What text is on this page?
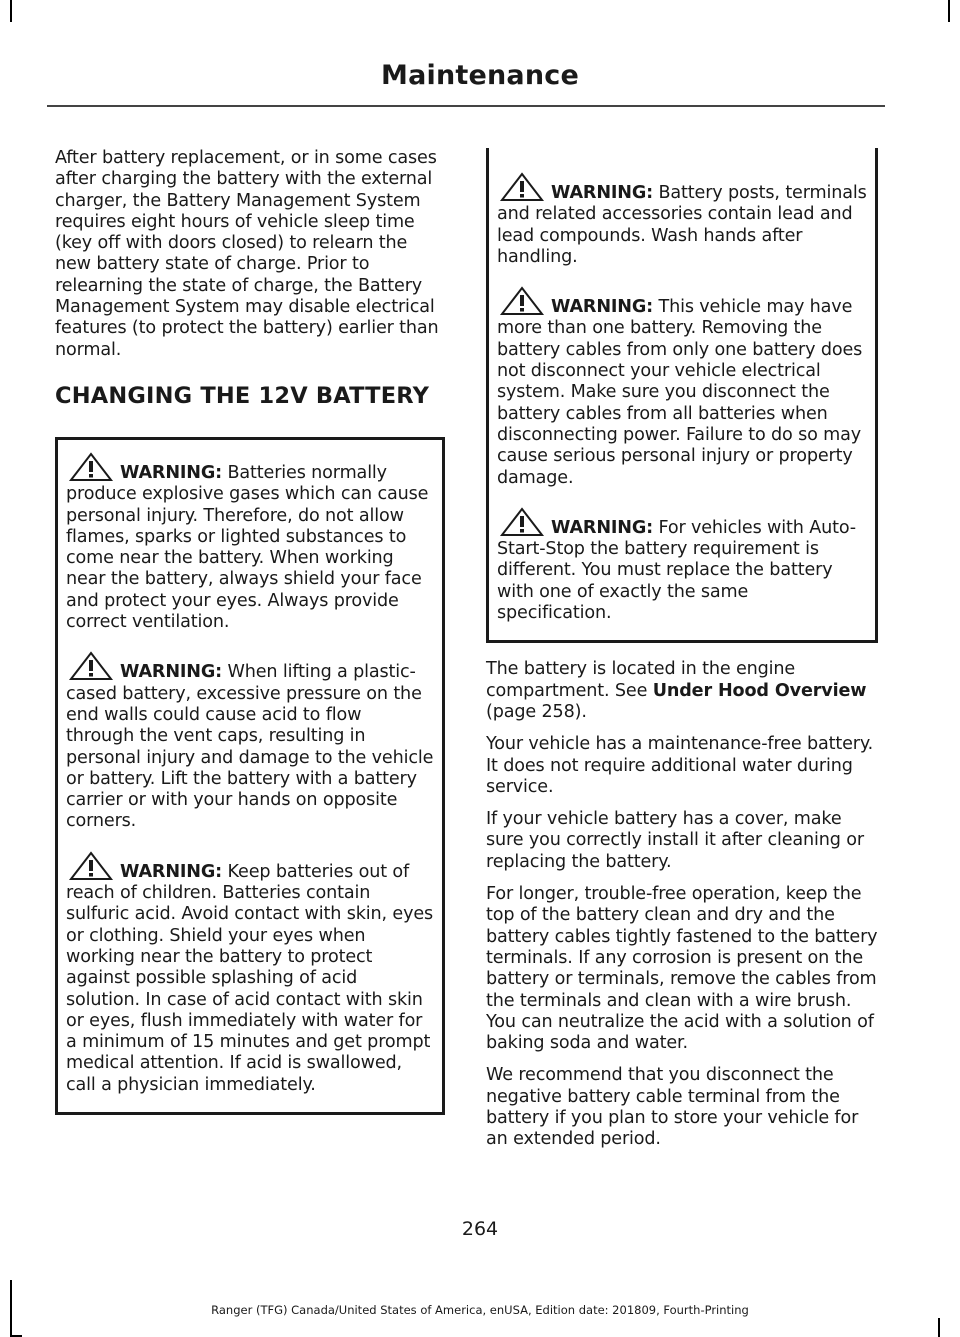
Maintenance

After battery replacement, or in some cases after charging the battery with the external charger, the Battery Management System requires eight hours of vehicle sleep time (key off with doors closed) to relearn the new battery state of charge. Prior to relearning the state of charge, the Battery Management System may disable electrical features (to protect the battery) earlier than normal.

CHANGING THE 12V BATTERY

WARNING: Batteries normally produce explosive gases which can cause personal injury. Therefore, do not allow flames, sparks or lighted substances to come near the battery. When working near the battery, always shield your face and protect your eyes. Always provide correct ventilation.

WARNING: When lifting a plastic-cased battery, excessive pressure on the end walls could cause acid to flow through the vent caps, resulting in personal injury and damage to the vehicle or battery. Lift the battery with a battery carrier or with your hands on opposite corners.

WARNING: Keep batteries out of reach of children. Batteries contain sulfuric acid. Avoid contact with skin, eyes or clothing. Shield your eyes when working near the battery to protect against possible splashing of acid solution. In case of acid contact with skin or eyes, flush immediately with water for a minimum of 15 minutes and get prompt medical attention. If acid is swallowed, call a physician immediately.

WARNING: Battery posts, terminals and related accessories contain lead and lead compounds. Wash hands after handling.

WARNING: This vehicle may have more than one battery. Removing the battery cables from only one battery does not disconnect your vehicle electrical system. Make sure you disconnect the battery cables from all batteries when disconnecting power. Failure to do so may cause serious personal injury or property damage.

WARNING: For vehicles with Auto-Start-Stop the battery requirement is different. You must replace the battery with one of exactly the same specification.

The battery is located in the engine compartment. See Under Hood Overview (page 258).

Your vehicle has a maintenance-free battery. It does not require additional water during service.

If your vehicle battery has a cover, make sure you correctly install it after cleaning or replacing the battery.

For longer, trouble-free operation, keep the top of the battery clean and dry and the battery cables tightly fastened to the battery terminals. If any corrosion is present on the battery or terminals, remove the cables from the terminals and clean with a wire brush. You can neutralize the acid with a solution of baking soda and water.

We recommend that you disconnect the negative battery cable terminal from the battery if you plan to store your vehicle for an extended period.

264
Ranger (TFG) Canada/United States of America, enUSA, Edition date: 201809, Fourth-Printing
